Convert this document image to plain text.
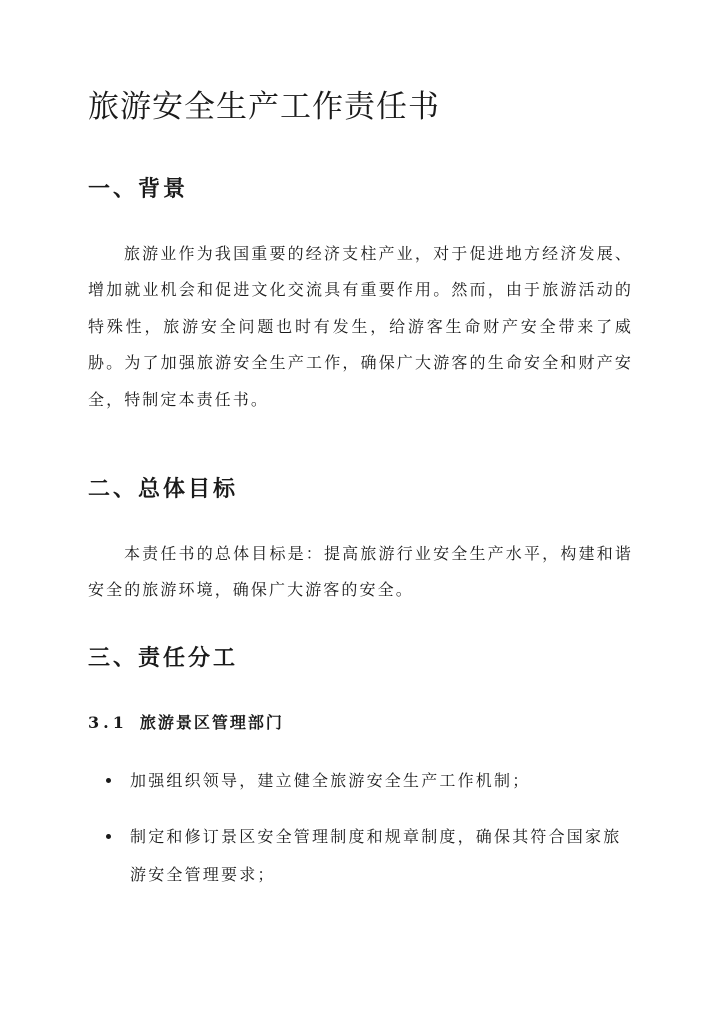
旅游安全生产工作责任书
一、背景

旅游业作为我国重要的经济支柱产业，对于促进地方经济发展、增加就业机会和促进文化交流具有重要作用。然而，由于旅游活动的特殊性，旅游安全问题也时有发生，给游客生命财产安全带来了威胁。为了加强旅游安全生产工作，确保广大游客的生命安全和财产安全，特制定本责任书。

二、总体目标

本责任书的总体目标是：提高旅游行业安全生产水平，构建和谐安全的旅游环境，确保广大游客的安全。

三、责任分工
3.1 旅游景区管理部门
加强组织领导，建立健全旅游安全生产工作机制；
制定和修订景区安全管理制度和规章制度，确保其符合国家旅游安全管理要求；
